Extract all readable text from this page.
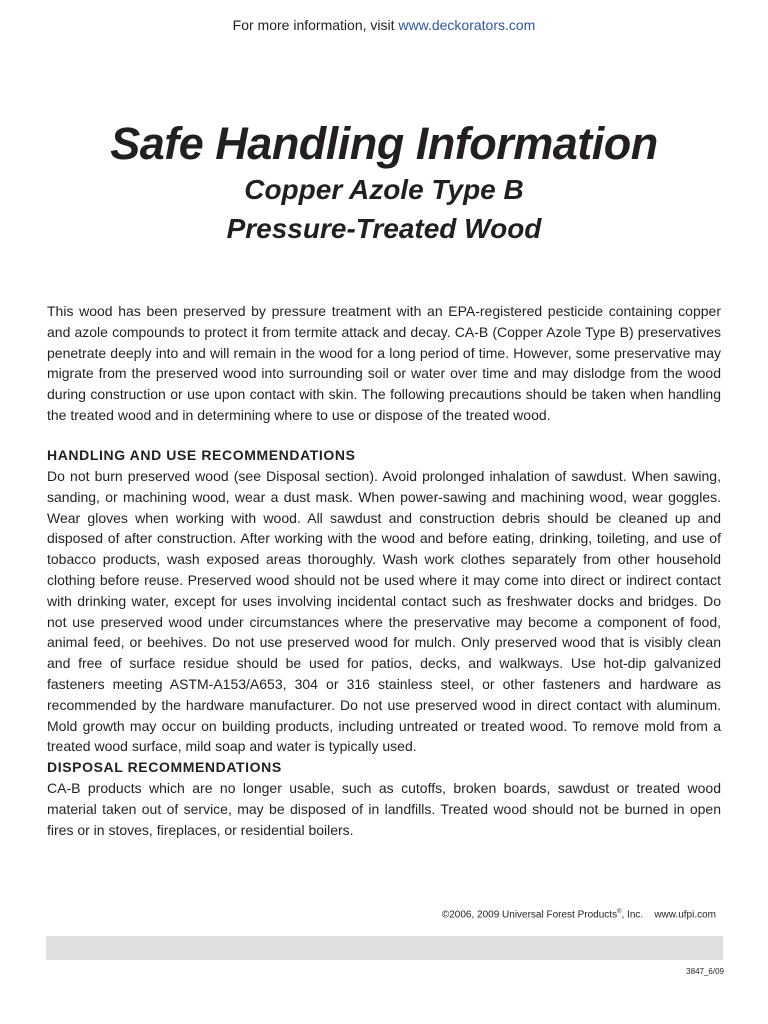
For more information, visit www.deckorators.com
Safe Handling Information
Copper Azole Type B
Pressure-Treated Wood

This wood has been preserved by pressure treatment with an EPA-registered pesticide containing copper and azole compounds to protect it from termite attack and decay. CA-B (Copper Azole Type B) preservatives penetrate deeply into and will remain in the wood for a long period of time. However, some preservative may migrate from the preserved wood into surrounding soil or water over time and may dislodge from the wood during construction or use upon contact with skin. The following precautions should be taken when handling the treated wood and in determining where to use or dispose of the treated wood.

HANDLING AND USE RECOMMENDATIONS

Do not burn preserved wood (see Disposal section). Avoid prolonged inhalation of sawdust. When sawing, sanding, or machining wood, wear a dust mask. When power-sawing and machining wood, wear goggles. Wear gloves when working with wood. All sawdust and construction debris should be cleaned up and disposed of after construction. After working with the wood and before eating, drinking, toileting, and use of tobacco products, wash exposed areas thoroughly. Wash work clothes separately from other household clothing before reuse. Preserved wood should not be used where it may come into direct or indirect contact with drinking water, except for uses involving incidental contact such as freshwater docks and bridges. Do not use preserved wood under circumstances where the preservative may become a component of food, animal feed, or beehives. Do not use preserved wood for mulch. Only preserved wood that is visibly clean and free of surface residue should be used for patios, decks, and walkways. Use hot-dip galvanized fasteners meeting ASTM-A153/A653, 304 or 316 stainless steel, or other fasteners and hardware as recommended by the hardware manufacturer. Do not use preserved wood in direct contact with aluminum. Mold growth may occur on building products, including untreated or treated wood. To remove mold from a treated wood surface, mild soap and water is typically used.

DISPOSAL RECOMMENDATIONS

CA-B products which are no longer usable, such as cutoffs, broken boards, sawdust or treated wood material taken out of service, may be disposed of in landfills. Treated wood should not be burned in open fires or in stoves, fireplaces, or residential boilers.

©2006, 2009 Universal Forest Products®, Inc. www.ufpi.com
3847_6/09
